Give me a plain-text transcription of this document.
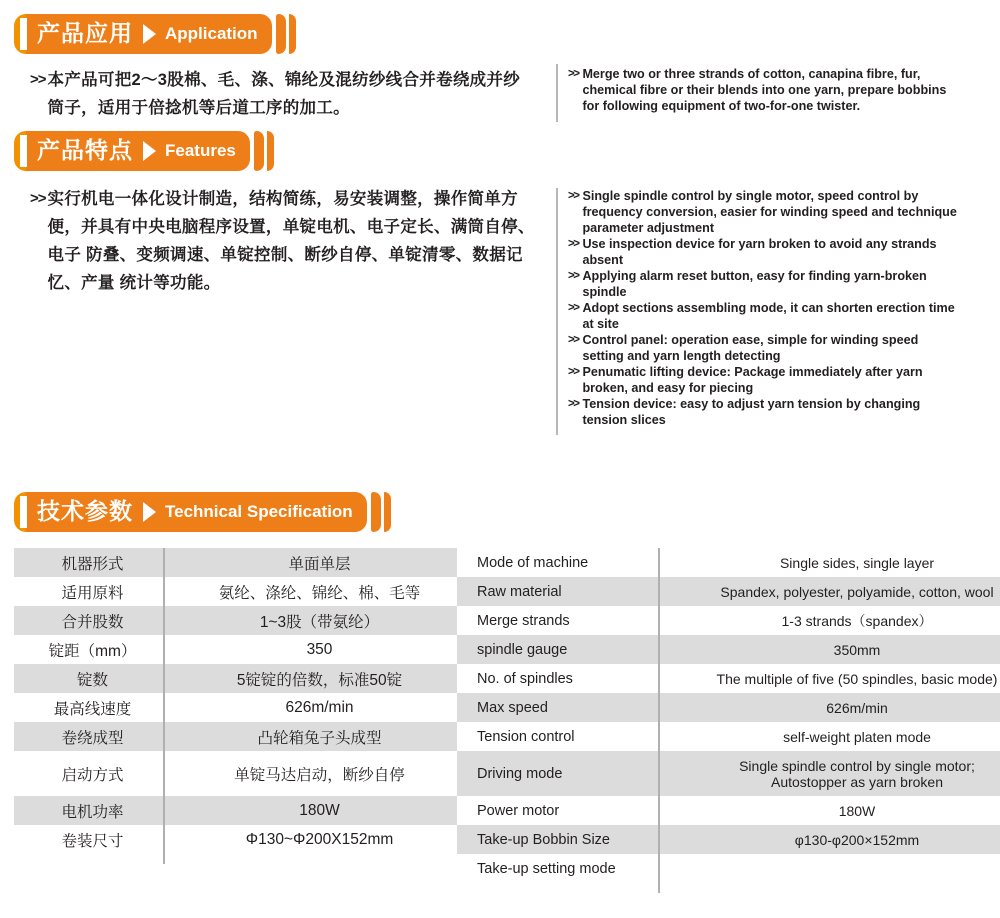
产品应用 Application
>> 本产品可把2～3股棉、毛、涤、锦纶及混纺纱线合并卷绕成并纱
筒子，适用于倍捻机等后道工序的加工。
>> Merge two or three strands of cotton, canapina fibre, fur,
chemical fibre or their blends into one yarn, prepare bobbins
for following equipment of two-for-one twister.
产品特点 Features
>> 实行机电一体化设计制造，结构简练，易安装调整，操作简单方
便，并具有中央电脑程序设置，单锭电机、电子定长、满筒自停、
电子 防叠、变频调速、单锭控制、断纱自停、单锭清零、数据记
忆、产量 统计等功能。
>> Single spindle control by single motor, speed control by
frequency conversion, easier for winding speed and technique
parameter adjustment
>> Use inspection device for yarn broken to avoid any strands
absent
>> Applying alarm reset button, easy for finding yarn-broken
spindle
>> Adopt sections assembling mode, it can shorten erection time
at site
>> Control panel: operation ease, simple for winding speed
setting and yarn length detecting
>> Penumatic lifting device: Package immediately after yarn
broken, and easy for piecing
>> Tension device: easy to adjust yarn tension by changing
tension slices
技术参数 Technical Specification
机器形式	单面单层
适用原料	氨纶、涤纶、锦纶、棉、毛等
合并股数	1~3股（带氨纶）
锭距（mm）	350
锭数	5锭锭的倍数，标准50锭
最高线速度	626m/min
卷绕成型	凸轮箱兔子头成型
启动方式	单锭马达启动，断纱自停
电机功率	180W
卷装尺寸	Φ130~Φ200X152mm
Mode of machine	Single sides, single layer
Raw material	Spandex, polyester, polyamide, cotton, wool
Merge strands	1-3 strands（spandex）
spindle gauge	350mm
No. of spindles	The multiple of five (50 spindles, basic mode)
Max speed	626m/min
Tension control	self-weight platen mode
Driving mode	Single spindle control by single motor;
Autostopper as yarn broken
Power motor	180W
Take-up Bobbin Size	φ130-φ200×152mm
Take-up setting mode	
